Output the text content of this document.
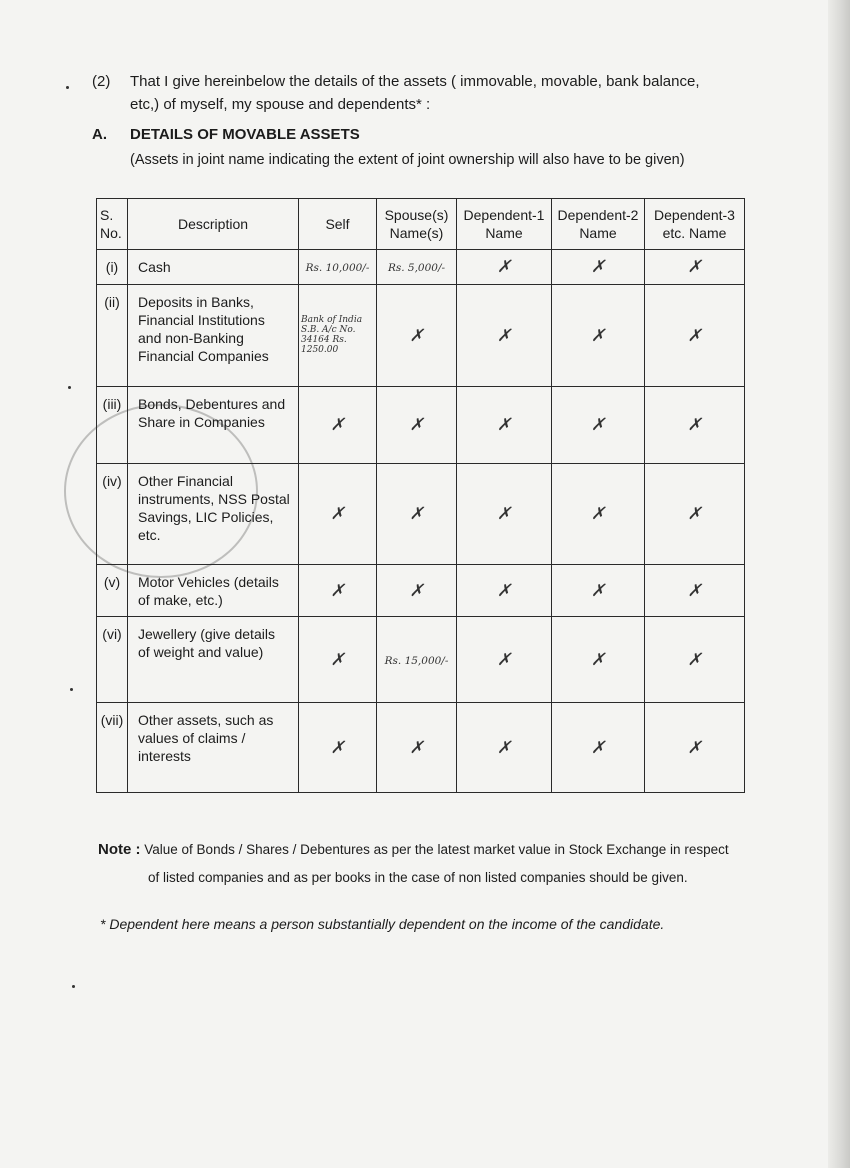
(2) That I give hereinbelow the details of the assets ( immovable, movable, bank balance,
etc,) of myself, my spouse and dependents* :
A. DETAILS OF MOVABLE ASSETS
(Assets in joint name indicating the extent of joint ownership will also have to be given)
S. No.	Description	Self	Spouse(s) Name(s)	Dependent-1 Name	Dependent-2 Name	Dependent-3 etc. Name
(i)	Cash	Rs. 10,000/-	Rs. 5,000/-	✗	✗	✗
(ii)	Deposits in Banks, Financial Institutions and non-Banking Financial Companies	Bank of India S.B. A/c No. 34164 Rs. 1250.00	✗	✗	✗	✗
(iii)	Bonds, Debentures and Share in Companies	✗	✗	✗	✗	✗
(iv)	Other Financial instruments, NSS Postal Savings, LIC Policies, etc.	✗	✗	✗	✗	✗
(v)	Motor Vehicles (details of make, etc.)	✗	✗	✗	✗	✗
(vi)	Jewellery (give details of weight and value)	✗	Rs. 15,000/-	✗	✗	✗
(vii)	Other assets, such as values of claims / interests	✗	✗	✗	✗	✗
Note : Value of Bonds / Shares / Debentures as per the latest market value in Stock Exchange in respect
of listed companies and as per books in the case of non listed companies should be given.
* Dependent here means a person substantially dependent on the income of the candidate.
